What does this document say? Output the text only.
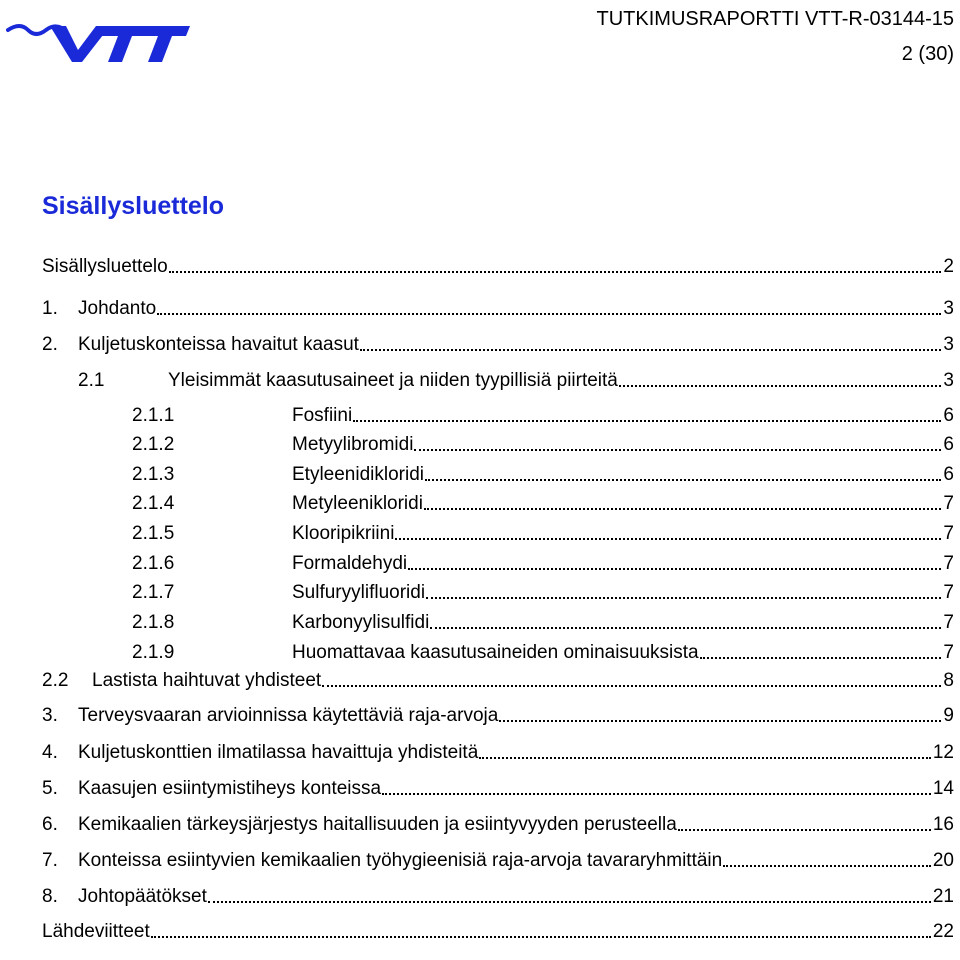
VTT
TUTKIMUSRAPORTTI VTT-R-03144-15
2 (30)
Sisällysluettelo
Sisällysluettelo	2
1.	Johdanto	3
2.	Kuljetuskonteissa havaitut kaasut	3
2.1	Yleisimmät kaasutusaineet ja niiden tyypillisiä piirteitä	3
2.1.1	Fosfiini	6
2.1.2	Metyylibromidi	6
2.1.3	Etyleenidikloridi	6
2.1.4	Metyleenikloridi	7
2.1.5	Klooripikriini	7
2.1.6	Formaldehydi	7
2.1.7	Sulfuryylifluoridi	7
2.1.8	Karbonyylisulfidi	7
2.1.9	Huomattavaa kaasutusaineiden ominaisuuksista	7
2.2	Lastista haihtuvat yhdisteet	8
3.	Terveysvaaran arvioinnissa käytettäviä raja-arvoja	9
4.	Kuljetuskonttien ilmatilassa havaittuja yhdisteitä	12
5.	Kaasujen esiintymistiheys konteissa	14
6.	Kemikaalien tärkeysjärjestys haitallisuuden ja esiintyvyyden perusteella	16
7.	Konteissa esiintyvien kemikaalien työhygieenisiä raja-arvoja tavararyhmittäin	20
8.	Johtopäätökset	21
Lähdeviitteet	22
